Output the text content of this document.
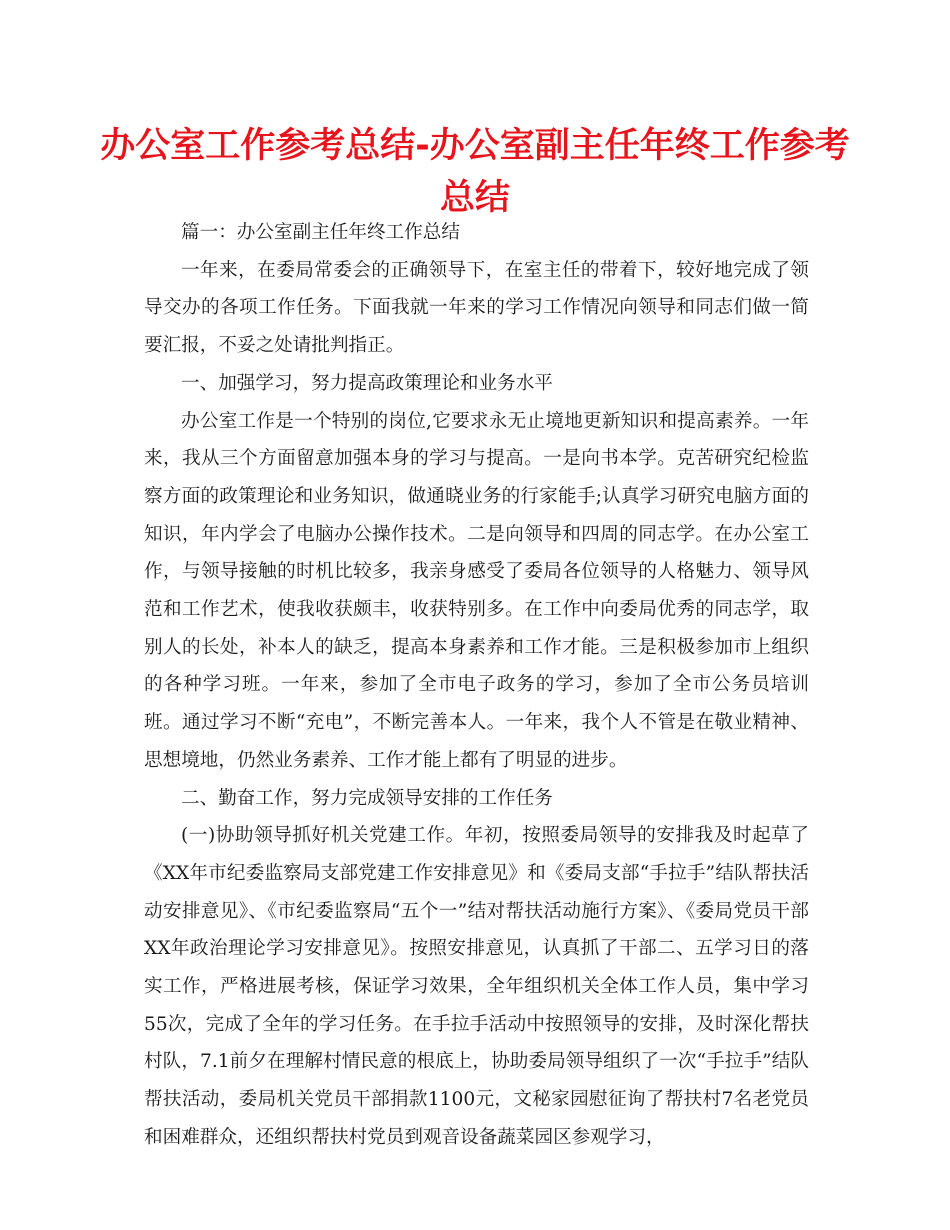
办公室工作参考总结-办公室副主任年终工作参考总结

篇一：办公室副主任年终工作总结

一年来，在委局常委会的正确领导下，在室主任的带着下，较好地完成了领导交办的各项工作任务。下面我就一年来的学习工作情况向领导和同志们做一简要汇报，不妥之处请批判指正。

一、加强学习，努力提高政策理论和业务水平

办公室工作是一个特别的岗位,它要求永无止境地更新知识和提高素养。一年来，我从三个方面留意加强本身的学习与提高。一是向书本学。克苦研究纪检监察方面的政策理论和业务知识，做通晓业务的行家能手;认真学习研究电脑方面的知识，年内学会了电脑办公操作技术。二是向领导和四周的同志学。在办公室工作，与领导接触的时机比较多，我亲身感受了委局各位领导的人格魅力、领导风范和工作艺术，使我收获颇丰，收获特别多。在工作中向委局优秀的同志学，取别人的长处，补本人的缺乏，提高本身素养和工作才能。三是积极参加市上组织的各种学习班。一年来，参加了全市电子政务的学习，参加了全市公务员培训班。通过学习不断“充电”，不断完善本人。一年来，我个人不管是在敬业精神、思想境地，仍然业务素养、工作才能上都有了明显的进步。

二、勤奋工作，努力完成领导安排的工作任务

(一)协助领导抓好机关党建工作。年初，按照委局领导的安排我及时起草了《XX年市纪委监察局支部党建工作安排意见》和《委局支部“手拉手”结队帮扶活动安排意见》、《市纪委监察局“五个一”结对帮扶活动施行方案》、《委局党员干部XX年政治理论学习安排意见》。按照安排意见，认真抓了干部二、五学习日的落实工作，严格进展考核，保证学习效果，全年组织机关全体工作人员，集中学习55次，完成了全年的学习任务。在手拉手活动中按照领导的安排，及时深化帮扶村队，7.1前夕在理解村情民意的根底上，协助委局领导组织了一次“手拉手”结队帮扶活动，委局机关党员干部捐款1100元，文秘家园慰征询了帮扶村7名老党员和困难群众，还组织帮扶村党员到观音设备蔬菜园区参观学习，
